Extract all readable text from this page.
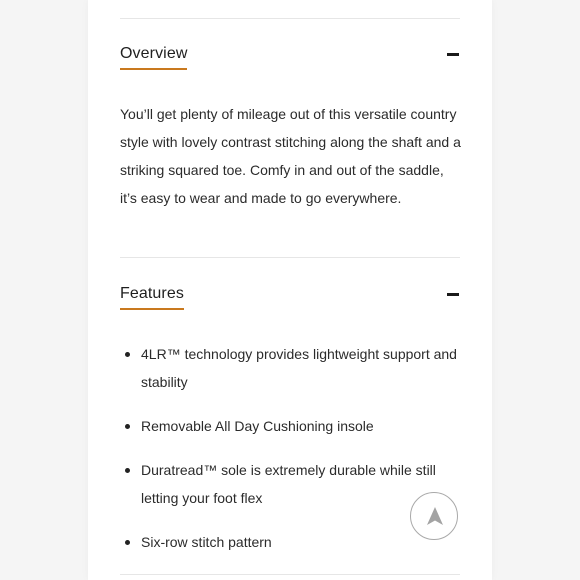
Overview
You’ll get plenty of mileage out of this versatile country style with lovely contrast stitching along the shaft and a striking squared toe. Comfy in and out of the saddle, it’s easy to wear and made to go everywhere.
Features
4LR™ technology provides lightweight support and stability
Removable All Day Cushioning insole
Duratread™ sole is extremely durable while still letting your foot flex
Six-row stitch pattern
